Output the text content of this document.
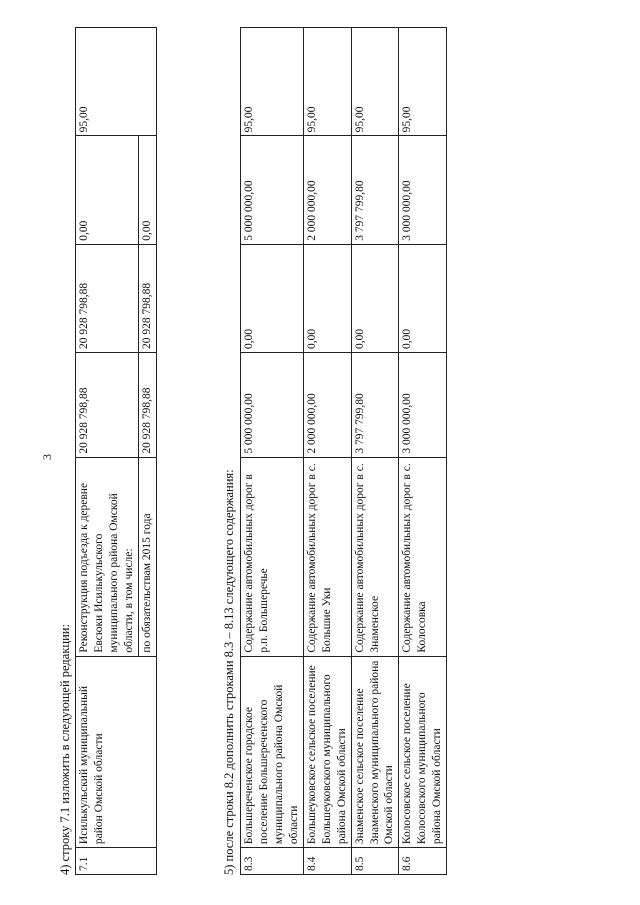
3
4) строку 7.1 изложить в следующей редакции: 7.1	Исилькульский муниципальный район Омской области	Реконструкция подъезда к деревне Евсюки Исилькульского муниципального района Омской области, в том числе:	20 928 798,88	20 928 798,88	0,00	95,00
		по обязательствам 2015 года	20 928 798,88	20 928 798,88	0,00	
5) после строки 8.2 дополнить строками 8.3 – 8.13 следующего содержания: 8.3	Большереченское городское поселение Большереченского муниципального района Омской области	Содержание автомобильных дорог в р.п. Большеречье	5 000 000,00	0,00	5 000 000,00	95,00
8.4	Большеуковское сельское поселение Большеуковского муниципального района Омской области	Содержание автомобильных дорог в с. Большие Уки	2 000 000,00	0,00	2 000 000,00	95,00
8.5	Знаменское сельское поселение Знаменского муниципального района Омской области	Содержание автомобильных дорог в с. Знаменское	3 797 799,80	0,00	3 797 799,80	95,00
8.6	Колосовское сельское поселение Колосовского муниципального района Омской области	Содержание автомобильных дорог в с. Колосовка	3 000 000,00	0,00	3 000 000,00	95,00
